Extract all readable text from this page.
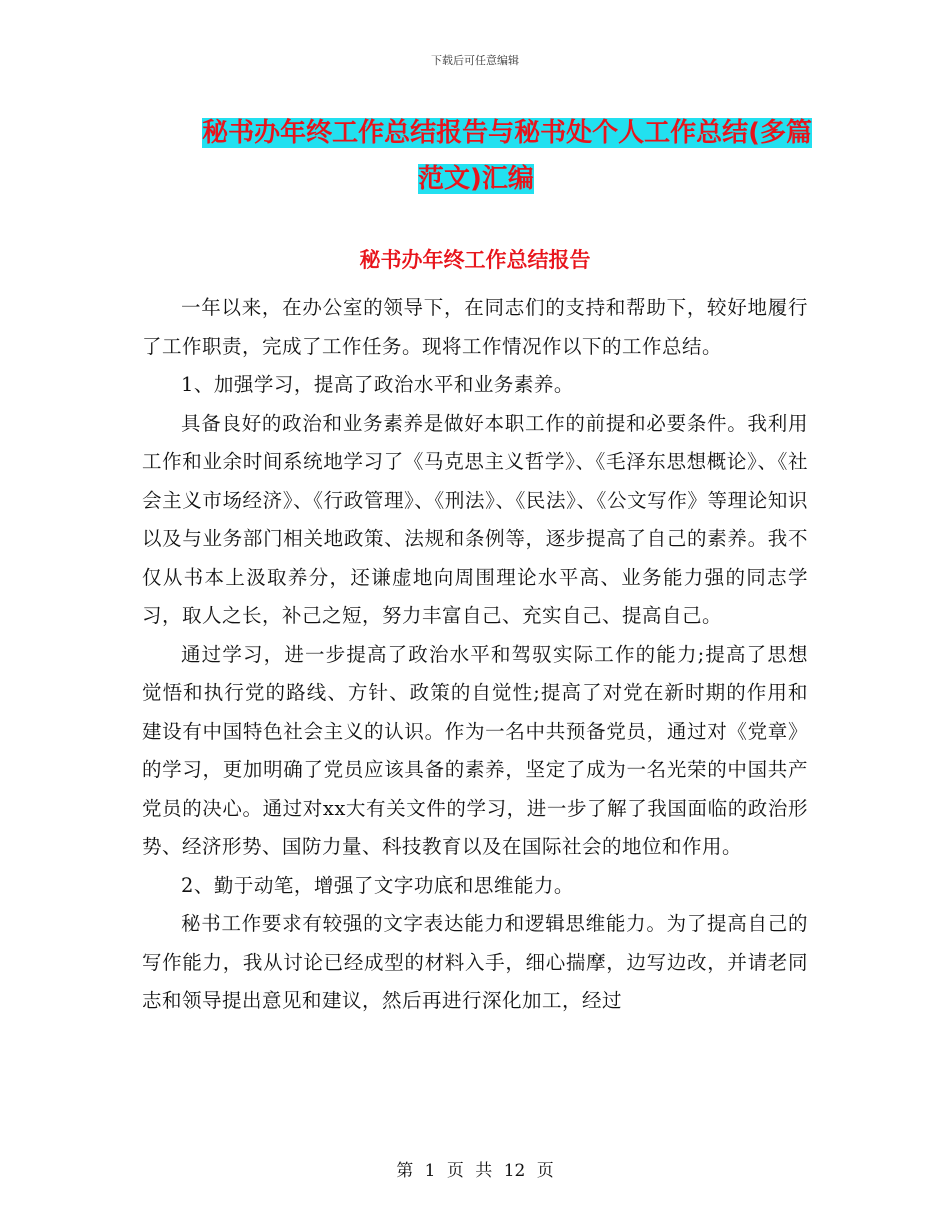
下载后可任意编辑
秘书办年终工作总结报告与秘书处个人工作总结(多篇
范文)汇编
秘书办年终工作总结报告

一年以来，在办公室的领导下，在同志们的支持和帮助下，较好地履行了工作职责，完成了工作任务。现将工作情况作以下的工作总结。

1、加强学习，提高了政治水平和业务素养。

具备良好的政治和业务素养是做好本职工作的前提和必要条件。我利用工作和业余时间系统地学习了《马克思主义哲学》、《毛泽东思想概论》、《社会主义市场经济》、《行政管理》、《刑法》、《民法》、《公文写作》等理论知识以及与业务部门相关地政策、法规和条例等，逐步提高了自己的素养。我不仅从书本上汲取养分，还谦虚地向周围理论水平高、业务能力强的同志学习，取人之长，补己之短，努力丰富自己、充实自己、提高自己。

通过学习，进一步提高了政治水平和驾驭实际工作的能力;提高了思想觉悟和执行党的路线、方针、政策的自觉性;提高了对党在新时期的作用和建设有中国特色社会主义的认识。作为一名中共预备党员，通过对《党章》的学习，更加明确了党员应该具备的素养，坚定了成为一名光荣的中国共产党员的决心。通过对xx大有关文件的学习，进一步了解了我国面临的政治形势、经济形势、国防力量、科技教育以及在国际社会的地位和作用。

2、勤于动笔，增强了文字功底和思维能力。

秘书工作要求有较强的文字表达能力和逻辑思维能力。为了提高自己的写作能力，我从讨论已经成型的材料入手，细心揣摩，边写边改，并请老同志和领导提出意见和建议，然后再进行深化加工，经过

第 1 页 共 12 页
